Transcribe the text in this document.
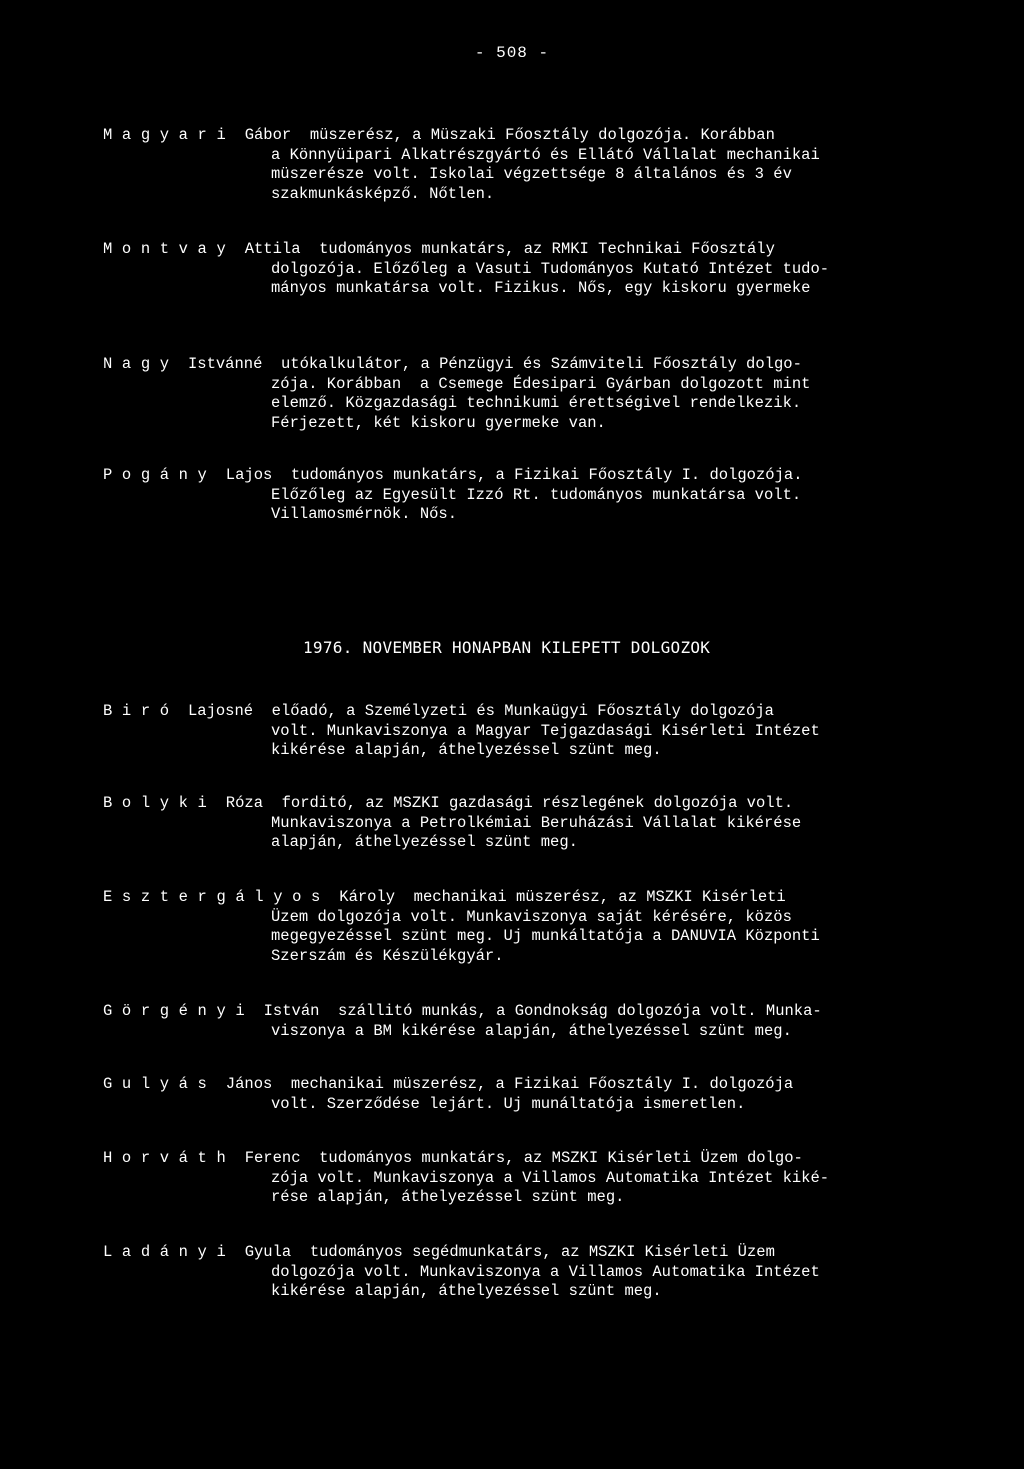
- 508 -
Magyari Gábor  müszerész, a Müszaki Főosztály dolgozója. Korábban
a Könnyüipari Alkatrészgyártó és Ellátó Vállalat mechanikai
müszerésze volt. Iskolai végzettsége 8 általános és 3 év
szakmunkásképző. Nőtlen.
Montvay Attila  tudományos munkatárs, az RMKI Technikai Főosztály
dolgozója. Előzőleg a Vasuti Tudományos Kutató Intézet tudo-
mányos munkatársa volt. Fizikus. Nős, egy kiskoru gyermeke
Nagy Istvánné  utókalkulátor, a Pénzügyi és Számviteli Főosztály dolgo-
zója. Korábban  a Csemege Édesipari Gyárban dolgozott mint
elemző. Közgazdasági technikumi érettségivel rendelkezik.
Férjezett, két kiskoru gyermeke van.
Pogány Lajos  tudományos munkatárs, a Fizikai Főosztály I. dolgozója.
Előzőleg az Egyesült Izzó Rt. tudományos munkatársa volt.
Villamosmérnök. Nős.
1976. NOVEMBER HONAPBAN KILEPETT DOLGOZOK
Biró Lajosné  előadó, a Személyzeti és Munkaügyi Főosztály dolgozója
volt. Munkaviszonya a Magyar Tejgazdasági Kisérleti Intézet
kikérése alapján, áthelyezéssel szünt meg.
Bolyki Róza  forditó, az MSZKI gazdasági részlegének dolgozója volt.
Munkaviszonya a Petrolkémiai Beruházási Vállalat kikérése
alapján, áthelyezéssel szünt meg.
Esztergályos Károly  mechanikai müszerész, az MSZKI Kisérleti
Üzem dolgozója volt. Munkaviszonya saját kérésére, közös
megegyezéssel szünt meg. Uj munkáltatója a DANUVIA Központi
Szerszám és Készülékgyár.
Görgényi István  szállitó munkás, a Gondnokság dolgozója volt. Munka-
viszonya a BM kikérése alapján, áthelyezéssel szünt meg.
Gulyás János  mechanikai müszerész, a Fizikai Főosztály I. dolgozója
volt. Szerződése lejárt. Uj munáltatója ismeretlen.
Horváth Ferenc  tudományos munkatárs, az MSZKI Kisérleti Üzem dolgo-
zója volt. Munkaviszonya a Villamos Automatika Intézet kiké-
rése alapján, áthelyezéssel szünt meg.
Ladányi Gyula  tudományos segédmunkatárs, az MSZKI Kisérleti Üzem
dolgozója volt. Munkaviszonya a Villamos Automatika Intézet
kikérése alapján, áthelyezéssel szünt meg.
